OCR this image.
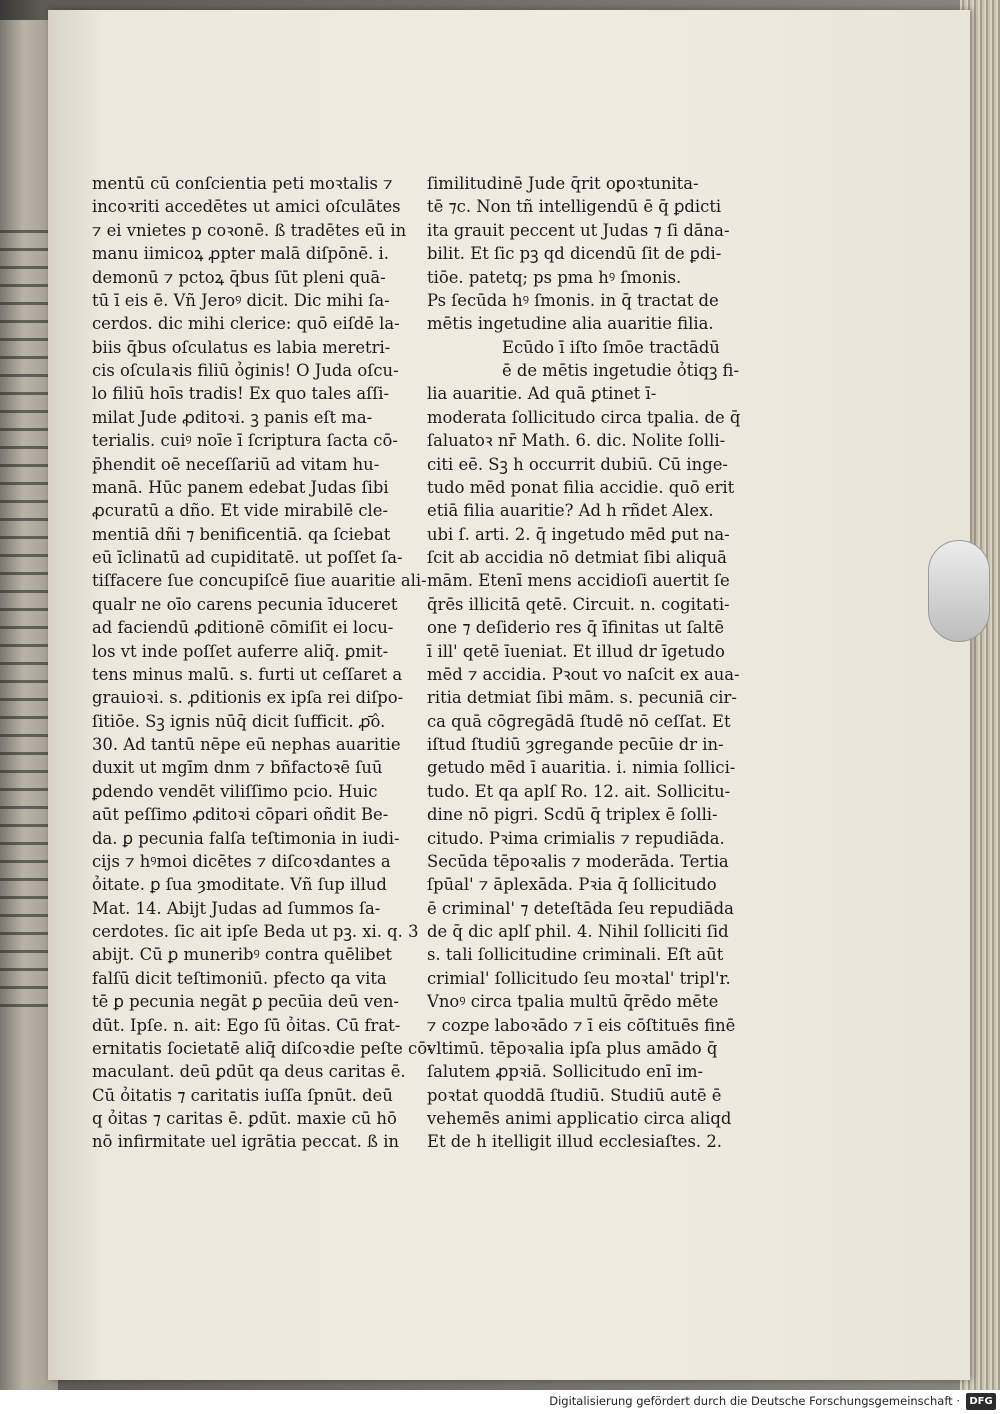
mentū cū conſcientia peti moꝛtalis ⁊
incoꝛriti accedētes ut amici oſculātes
⁊ ei vnietes p coꝛonē. ß tradētes eū in
manu iimicoꝝ ꝓpter malā diſpōnē. i.
demonū ⁊ pctoꝝ q̄bus ſūt pleni quā-
tū ī eis ē. Vñ Jeroꝰ dicit. Dic mihi ſa-
cerdos. dic mihi clerice: quō eiſdē la-
biis q̄bus oſculatus es labia meretri-
cis oſculaꝛis filiū ỏginis! O Juda oſcu-
lo filiū hoīs tradis! Ex quo tales aſſi-
milat Jude ꝓditoꝛi. ꝫ panis eſt ma-
terialis. cuiꝰ noīe ī ſcriptura ſacta cō-
p̄hendit oē neceſſariū ad vitam hu-
manā. Hūc panem edebat Judas ſibi
ꝓcuratū a dño. Et vide mirabilē cle-
mentiā dñi ⁊ benificentiā. qa ſciebat
eū īclinatū ad cupiditatē. ut poſſet ſa-
tiſfacere ſue concupiſcē ſiue auaritie ali-
qualr ne oīo carens pecunia īduceret
ad faciendū ꝓditionē cōmiſit ei locu-
los vt inde poſſet auferre aliq̄. ꝑmit-
tens minus malū. s. furti ut ceſſaret a
grauioꝛi. s. ꝓditionis ex ipſa rei diſpo-
ſitiōe. Sꝫ ignis nūq̄ dicit ſufficit. ꝓ̄ô.
30. Ad tantū nēpe eū nephas auaritie
duxit ut mgīm dnm ⁊ bñfactoꝛē ſuū
ꝑdendo vendēt viliſſimo pcio. Huic
aūt peſſimo ꝓditoꝛi cōpari oñdit Be-
da. ꝑ pecunia falſa teſtimonia in iudi-
cijs ⁊ hꝰmoi dicētes ⁊ diſcoꝛdantes a
ỏitate. ꝑ ſua ȝmoditate. Vñ ſup illud
Mat. 14. Abijt Judas ad ſummos ſa-
cerdotes. ſic ait ipſe Beda ut pꝫ. xi. q. 3
abijt. Cū ꝑ muneribꝰ contra quēlibet
falſū dicit teſtimoniū. pfecto qa vita
tē ꝑ pecunia negāt ꝑ pecūia deū ven-
dūt. Ipſe. n. ait: Ego ſū ỏitas. Cū frat-
ernitatis ſocietatē aliq̄ diſcoꝛdie peſte cō-
maculant. deū ꝑdūt qa deus caritas ē.
Cū ỏitatis ⁊ caritatis iuſſa ſpnūt. deū
q ỏitas ⁊ caritas ē. ꝑdūt. maxie cū hō
nō infirmitate uel igrātia peccat. ß in
ſimilitudinē Jude q̄rit oꝑoꝛtunita-
tē ⁊c. Non tñ intelligendū ē q̄ ꝑdicti
ita grauit peccent ut Judas ⁊ ſi dāna-
bilit. Et ſic pꝫ qd dicendū ſit de ꝑdi-
tiōe. patetq; ps pma hꝰ ſmonis.
Ps ſecūda hꝰ ſmonis. in q̄ tractat de
mētis ingetudine alia auaritie filia.
Ecūdo ī iſto ſmōe tractādū
ē de mētis ingetudie ỏtiqꝫ fi-
lia auaritie. Ad quā ꝑtinet ī-
moderata ſollicitudo circa tpalia. de q̄
ſaluatoꝛ nr̄ Math. 6. dic. Nolite ſolli-
citi eē. Sꝫ h occurrit dubiū. Cū inge-
tudo mēd ponat filia accidie. quō erit
etiā filia auaritie? Ad h rñdet Alex.
ubi ſ. arti. 2. q̄ ingetudo mēd ꝑut na-
ſcit ab accidia nō detmiat ſibi aliquā
mām. Etenī mens accidioſi auertit ſe
q̄rēs illicitā qetē. Circuit. n. cogitati-
one ⁊ deſiderio res q̄ īfinitas ut ſaltē
ī ill' qetē īueniat. Et illud dr īgetudo
mēd ⁊ accidia. Pꝛout vo naſcit ex aua-
ritia detmiat ſibi mām. s. pecuniā cir-
ca quā cōgregādā ſtudē nō ceſſat. Et
iſtud ſtudiū ȝgregande pecūie dr in-
getudo mēd ī auaritia. i. nimia ſollici-
tudo. Et qa aplſ Ro. 12. ait. Sollicitu-
dine nō pigri. Scdū q̄ triplex ē ſolli-
citudo. Pꝛima crimialis ⁊ repudiāda.
Secūda tēpoꝛalis ⁊ moderāda. Tertia
ſpūal' ⁊ āplexāda. Pꝛia q̄ ſollicitudo
ē criminal' ⁊ deteſtāda ſeu repudiāda
de q̄ dic aplſ phil. 4. Nihil ſolliciti ſid
s. tali ſollicitudine criminali. Eſt aūt
crimial' ſollicitudo ſeu moꝛtal' tripl'r.
Vnoꝰ circa tpalia multū q̄rēdo mēte
⁊ cozpe laboꝛādo ⁊ ī eis cōſtituēs finē
vltimū. tēpoꝛalia ipſa plus amādo q̄
ſalutem ꝓpꝛiā. Sollicitudo enī im-
poꝛtat quoddā ſtudiū. Studiū autē ē
vehemēs animi applicatio circa aliqd
Et de h itelligit illud ecclesiaſtes. 2.
Digitalisierung gefördert durch die Deutsche Forschungsgemeinschaft · DFG
